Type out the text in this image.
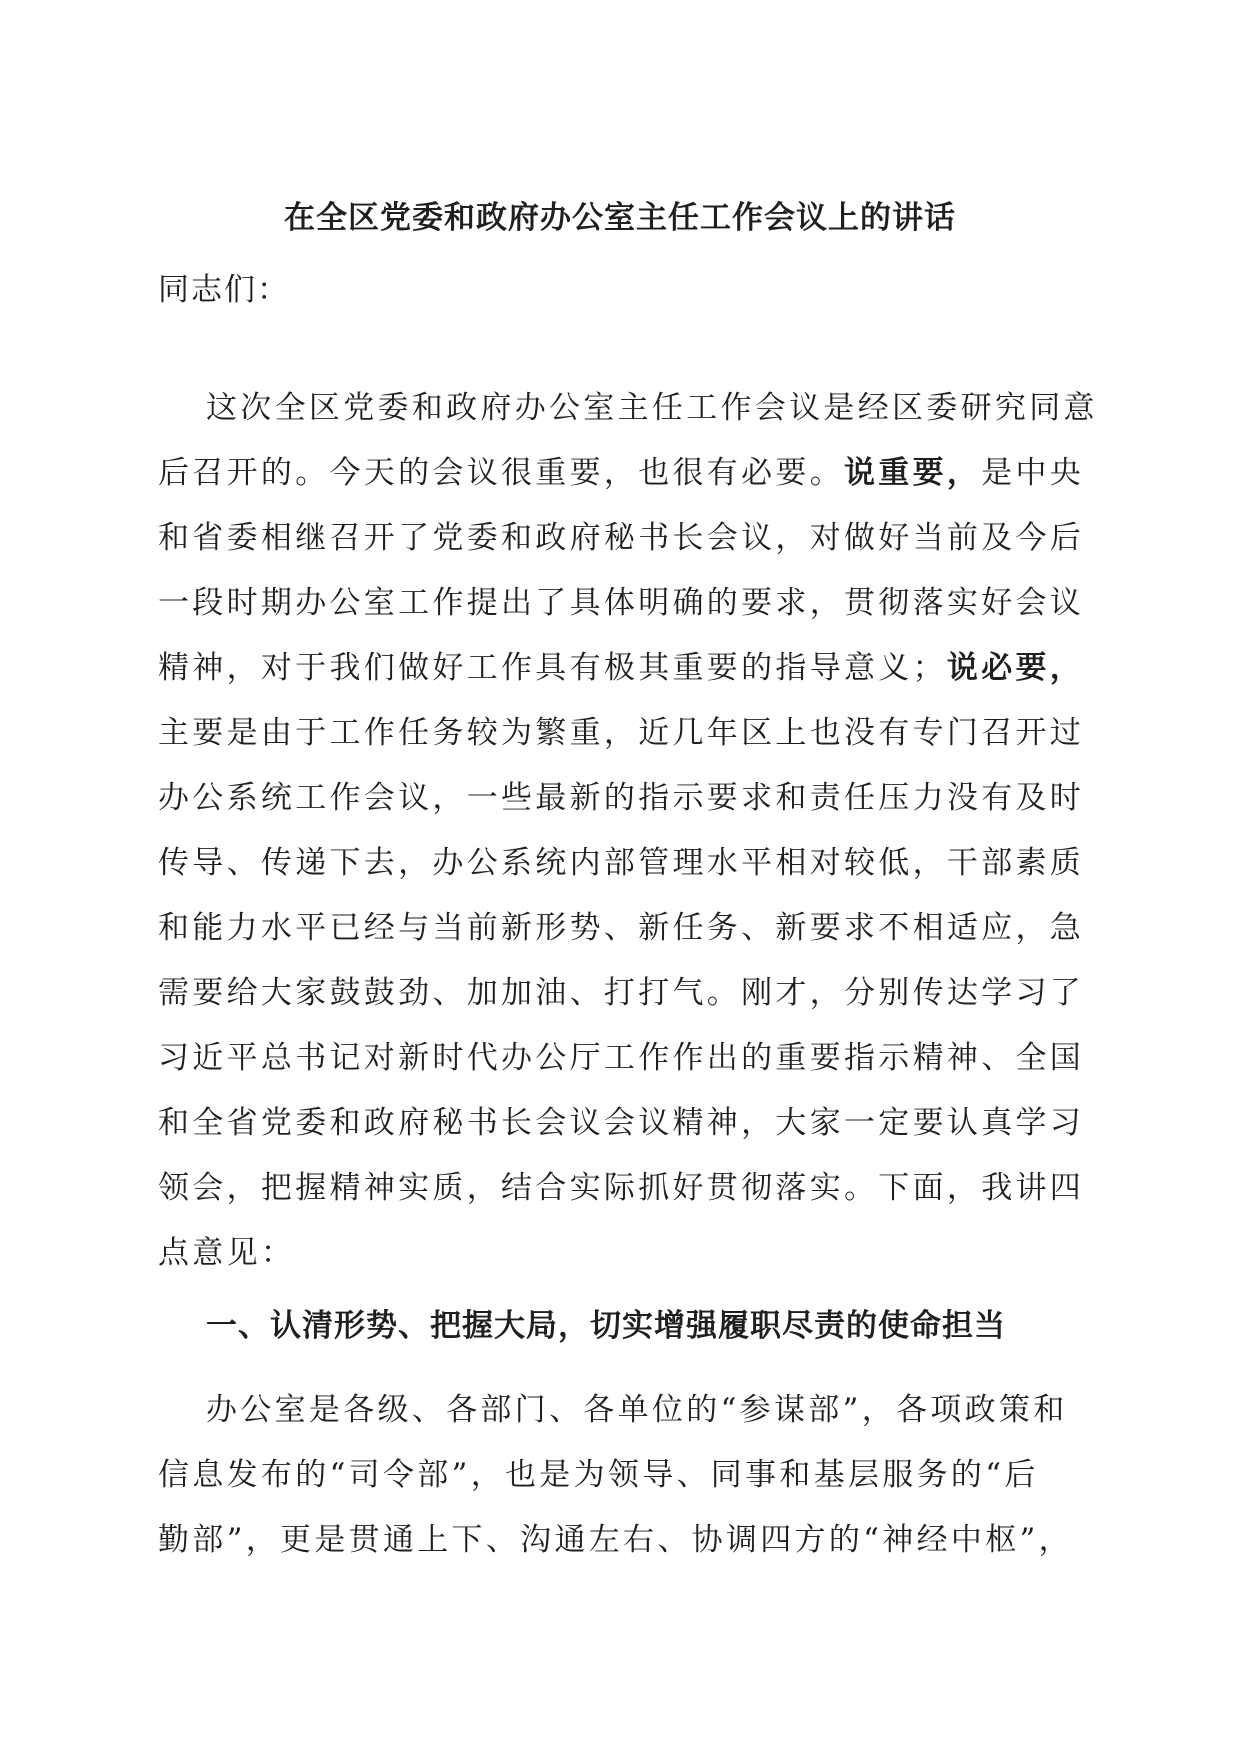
在全区党委和政府办公室主任工作会议上的讲话
同志们：
这次全区党委和政府办公室主任工作会议是经区委研究同意
后召开的。今天的会议很重要，也很有必要。说重要，是中央
和省委相继召开了党委和政府秘书长会议，对做好当前及今后
一段时期办公室工作提出了具体明确的要求，贯彻落实好会议
精神，对于我们做好工作具有极其重要的指导意义；说必要，
主要是由于工作任务较为繁重，近几年区上也没有专门召开过
办公系统工作会议，一些最新的指示要求和责任压力没有及时
传导、传递下去，办公系统内部管理水平相对较低，干部素质
和能力水平已经与当前新形势、新任务、新要求不相适应，急
需要给大家鼓鼓劲、加加油、打打气。刚才，分别传达学习了
习近平总书记对新时代办公厅工作作出的重要指示精神、全国
和全省党委和政府秘书长会议会议精神，大家一定要认真学习
领会，把握精神实质，结合实际抓好贯彻落实。下面，我讲四
点意见：
一、认清形势、把握大局，切实增强履职尽责的使命担当
办公室是各级、各部门、各单位的“参谋部”，各项政策和
信息发布的“司令部”，也是为领导、同事和基层服务的“后
勤部”，更是贯通上下、沟通左右、协调四方的“神经中枢”，
